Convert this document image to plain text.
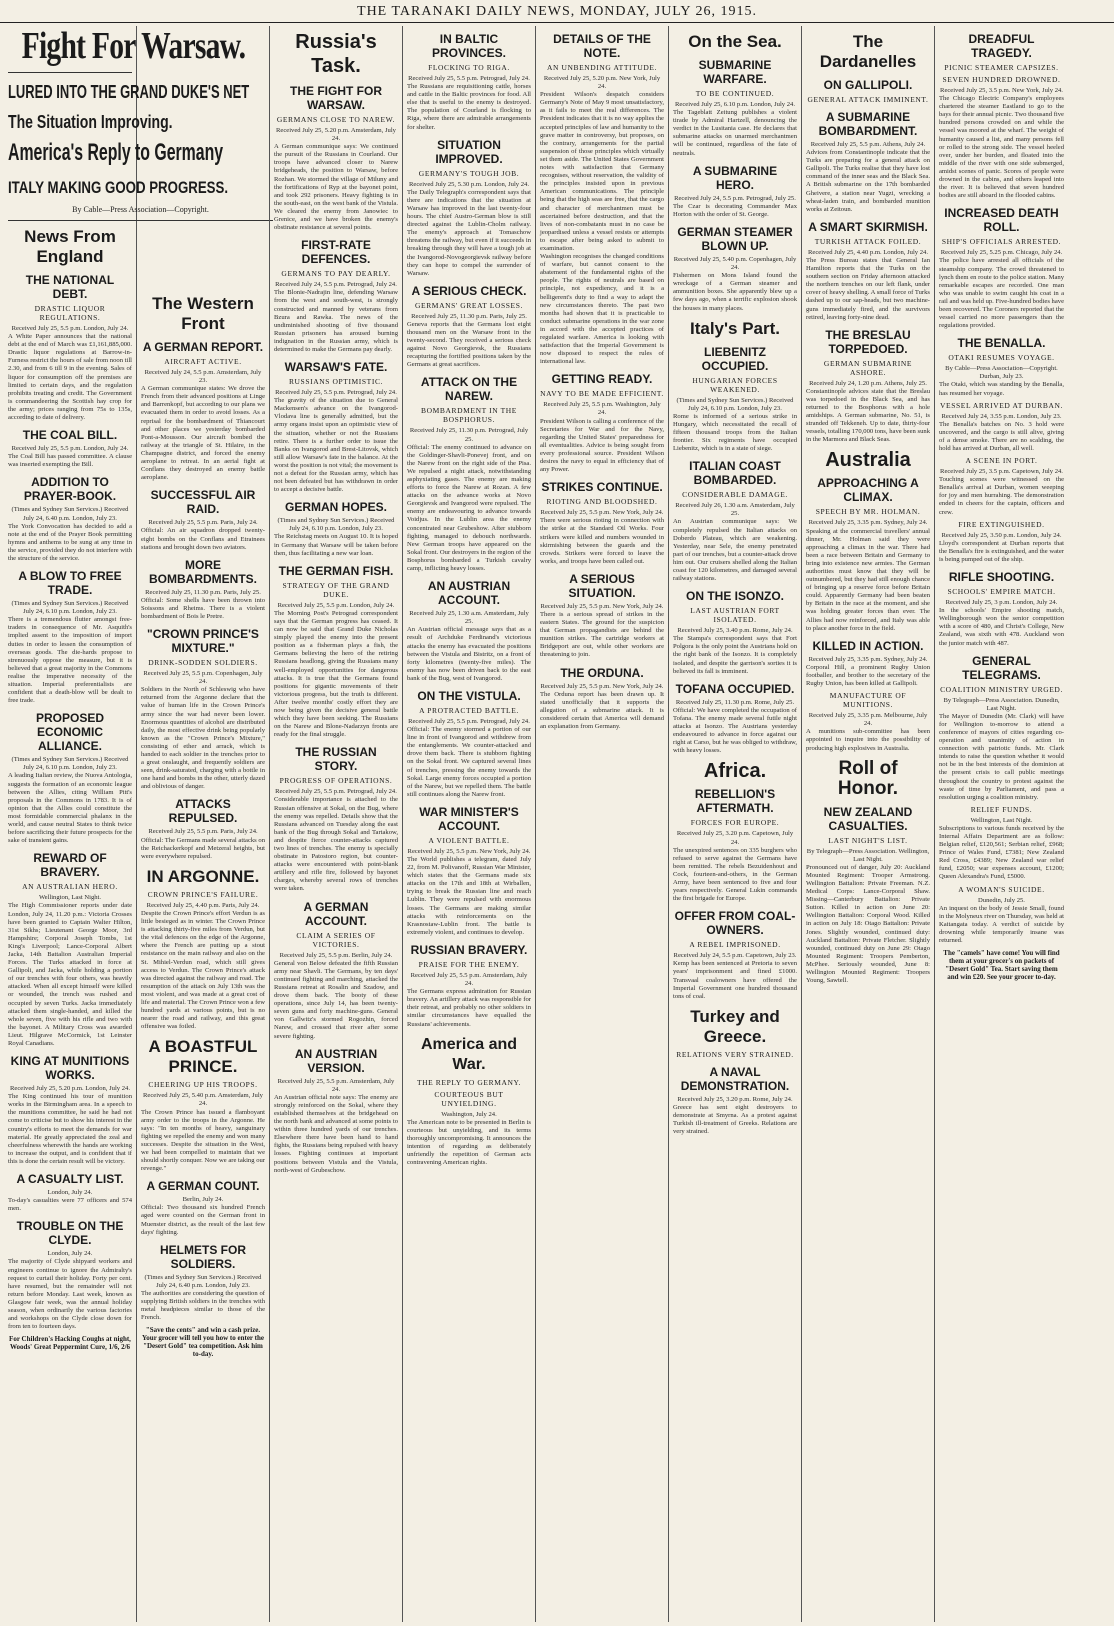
THE TARANAKI DAILY NEWS, MONDAY, JULY 26, 1915.
Fight For Warsaw.
LURED INTO THE GRAND DUKE'S NET
The Situation Improving.
America's Reply to Germany
ITALY MAKING GOOD PROGRESS.
By Cable—Press Association—Copyright.
News From England
THE NATIONAL DEBT.
DRASTIC LIQUOR REGULATIONS.
Received July 25, 5.5 p.m. London, July 24.
A White Paper announces that the national debt at the end of March was £1,161,885,000. Drastic liquor regulations at Barrow-in-Furness restrict the hours of sale from noon till 2.30, and from 6 till 9 in the evening. Sales of liquor for consumption off the premises are limited to certain days, and the regulation prohibits treating and credit. The Government is commandeering the Scottish hay crop for the army; prices ranging from 75s to 135s, according to date of delivery.
THE COAL BILL.
Received July 25, 5.5 p.m. London, July 24.
The Coal Bill has passed committee. A clause was inserted exempting the Bill.
ADDITION TO PRAYER-BOOK.
(Times and Sydney Sun Services.) Received July 24, 6.40 p.m. London, July 23.
The York Convocation has decided to add a note at the end of the Prayer Book permitting hymns and anthems to be sung at any time in the service, provided they do not interfere with the structure of the service.
A BLOW TO FREE TRADE.
(Times and Sydney Sun Services.) Received July 24, 6.10 p.m. London, July 23.
There is a tremendous flutter amongst free-traders in consequence of Mr. Asquith's implied assent to the imposition of import duties in order to lessen the consumption of overseas goods. The die-hards propose to strenuously oppose the measure, but it is believed that a great majority in the Commons realise the imperative necessity of the situation. Imperial preferentialists are confident that a death-blow will be dealt to free trade.
PROPOSED ECONOMIC ALLIANCE.
(Times and Sydney Sun Services.) Received July 24, 6.10 p.m. London, July 23.
A leading Italian review, the Nuova Antologia, suggests the formation of an economic league between the Allies, citing William Pitt's proposals in the Commons in 1783. It is of opinion that the Allies could constitute the most formidable commercial phalanx in the world, and cause neutral States to think twice before sacrificing their future prospects for the sake of transient gains.
REWARD OF BRAVERY.
AN AUSTRALIAN HERO.
Wellington, Last Night.
The High Commissioner reports under date London, July 24, 11.20 p.m.: Victoria Crosses have been granted to Captain Walter Hilton, 31st Sikhs; Lieutenant George Moor, 3rd Hampshire; Corporal Joseph Tombs, 1st King's Liverpool; Lance-Corporal Albert Jacka, 14th Battalion Australian Imperial Forces. The Turks attacked in force at Gallipoli, and Jacka, while holding a portion of our trenches with four others, was heavily attacked. When all except himself were killed or wounded, the trench was rushed and occupied by seven Turks. Jacka immediately attacked them single-handed, and killed the whole seven, five with his rifle and two with the bayonet. A Military Cross was awarded Lieut. Hilgrave McCormick, 1st Leinster Royal Canadians.
KING AT MUNITIONS WORKS.
Received July 25, 5.20 p.m. London, July 24.
The King continued his tour of munition works in the Birmingham area. In a speech to the munitions committee, he said he had not come to criticise but to show his interest in the country's efforts to meet the demands for war material. He greatly appreciated the zeal and cheerfulness wherewith the hands are working to increase the output, and is confident that if this is done the certain result will be victory.
A CASUALTY LIST.
London, July 24.
To-day's casualties were 77 officers and 574 men.
TROUBLE ON THE CLYDE.
London, July 24.
The majority of Clyde shipyard workers and engineers continue to ignore the Admiralty's request to curtail their holiday. Forty per cent. have resumed, but the remainder will not return before Monday. Last week, known as Glasgow fair week, was the annual holiday season, when ordinarily the various factories and workshops on the Clyde close down for from ten to fourteen days.
For Children's Hacking Coughs at night, Woods' Great Peppermint Cure, 1/6, 2/6
The Western Front
A GERMAN REPORT.
AIRCRAFT ACTIVE.
Received July 24, 5.5 p.m. Amsterdam, July 23.
A German communique states: We drove the French from their advanced positions at Linge and Barrenkopf, but according to our plans we evacuated them in order to avoid losses. As a reprisal for the bombardment of Thiancourt and other places we yesterday bombarded Pont-a-Mousson. Our aircraft bombed the railway at the triangle of St. Hilaire, in the Champagne district, and forced the enemy aeroplane to retreat. In an aerial fight at Conflans they destroyed an enemy battle aeroplane.
SUCCESSFUL AIR RAID.
Received July 25, 5.5 p.m. Paris, July 24.
Official: An air squadron dropped twenty-eight bombs on the Conflans and Etrainees stations and brought down two aviators.
MORE BOMBARDMENTS.
Received July 25, 11.30 p.m. Paris, July 25.
Official: Some shells have been thrown into Soissons and Rheims. There is a violent bombardment of Bois le Pretre.
"CROWN PRINCE'S MIXTURE."
DRINK-SODDEN SOLDIERS.
Received July 25, 5.5 p.m. Copenhagen, July 24.
Soldiers in the North of Schleswig who have returned from the Argonne declare that the value of human life in the Crown Prince's army since the war had never been lower. Enormous quantities of alcohol are distributed daily, the most effective drink being popularly known as the "Crown Prince's Mixture," consisting of ether and arrack, which is handed to each soldier in the trenches prior to a great onslaught, and frequently soldiers are seen, drink-saturated, charging with a bottle in one hand and bombs in the other, utterly dazed and oblivious of danger.
ATTACKS REPULSED.
Received July 25, 5.5 p.m. Paris, July 24.
Official: The Germans made several attacks on the Reichackerkopf and Metzeral heights, but were everywhere repulsed.
IN ARGONNE.
CROWN PRINCE'S FAILURE.
Received July 25, 4.40 p.m. Paris, July 24.
Despite the Crown Prince's effort Verdun is as little besieged as in winter. The Crown Prince is attacking thirty-five miles from Verdun, but the vital defences on the edge of the Argonne, where the French are putting up a stout resistance on the main railway and also on the St. Mihiel-Verdun road, which still gives access to Verdun. The Crown Prince's attack was directed against the railway and road. The resumption of the attack on July 13th was the most violent, and was made at a great cost of life and material. The Crown Prince won a few hundred yards at various points, but is no nearer the road and railway, and this great offensive was foiled.
A BOASTFUL PRINCE.
CHEERING UP HIS TROOPS.
Received July 25, 5.40 p.m. Amsterdam, July 24.
The Crown Prince has issued a flamboyant army order to the troops in the Argonne. He says: "In ten months of heavy, sanguinary fighting we repelled the enemy and won many successes. Despite the situation in the West, we had been compelled to maintain that we should shortly conquer. Now we are taking our revenge."
A GERMAN COUNT.
Berlin, July 24.
Official: Two thousand six hundred French aged were counted on the German front in Muenster district, as the result of the last few days' fighting.
HELMETS FOR SOLDIERS.
(Times and Sydney Sun Services.) Received July 24, 6.40 p.m. London, July 23.
The authorities are considering the question of supplying British soldiers in the trenches with metal headpieces similar to those of the French.
"Save the cents" and win a cash prize. Your grocer will tell you how to enter the "Desert Gold" tea competition. Ask him to-day.
Russia's Task.
THE FIGHT FOR WARSAW.
GERMANS CLOSE TO NAREW.
Received July 25, 5.20 p.m. Amsterdam, July 24.
A German communique says: We continued the pursuit of the Russians in Courland. Our troops have advanced closer to Narew bridgeheads, the position to Warsaw, before Rozhan. We stormed the village of Miluny and the fortifications of Ryp at the bayonet point, and took 292 prisoners. Heavy fighting is in the south-east, on the west bank of the Vistula. We cleared the enemy from Janowiec to Grenice, and we have broken the enemy's obstinate resistance at several points.
FIRST-RATE DEFENCES.
GERMANS TO PAY DEARLY.
Received July 24, 5.5 p.m. Petrograd, July 24.
The Blonie-Nadrajin line, defending Warsaw from the west and south-west, is strongly constructed and manned by veterans from Bzura and Rawka. The news of the undiminished shooting of five thousand Russian prisoners has aroused burning indignation in the Russian army, which is determined to make the Germans pay dearly.
WARSAW'S FATE.
RUSSIANS OPTIMISTIC.
Received July 25, 5.5 p.m. Petrograd, July 24.
The gravity of the situation due to General Mackensen's advance on the Ivangorod-Vlodava line is generally admitted, but the army organs insist upon an optimistic view of the situation, whether or not the Russians retire. There is a further order to issue the Banks on Ivangorod and Brest-Litovsk, which still allow Warsaw's fate in the balance. At the worst the position is not vital; the movement is not a defeat for the Russian army, which has not been defeated but has withdrawn in order to accept a decisive battle.
GERMAN HOPES.
(Times and Sydney Sun Services.) Received July 24, 6.10 p.m. London, July 23.
The Reichstag meets on August 10. It is hoped in Germany that Warsaw will be taken before then, thus facilitating a new war loan.
THE GERMAN FISH.
STRATEGY OF THE GRAND DUKE.
Received July 25, 5.5 p.m. London, July 24.
The Morning Post's Petrograd correspondent says that the German progress has ceased. It can now be said that Grand Duke Nicholas simply played the enemy into the present position as a fisherman plays a fish, the Germans believing the hero of the retiring Russians headlong, giving the Russians many well-employed opportunities for dangerous attacks. It is true that the Germans found positions for gigantic movements of their victorious progress, but the truth is different. After twelve months' costly effort they are now being given the decisive general battle which they have been seeking. The Russians on the Narew and Blone-Nadarzyn fronts are ready for the final struggle.
THE RUSSIAN STORY.
PROGRESS OF OPERATIONS.
Received July 25, 5.5 p.m. Petrograd, July 24.
Considerable importance is attached to the Russian offensive at Sokal, on the Bug, where the enemy was repelled. Details show that the Russians advanced on Tuesday along the east bank of the Bug through Sokal and Tartakow, and despite fierce counter-attacks captured two lines of trenches. The enemy is specially obstinate in Patostoro region, but counter-attacks were encountered with point-blank artillery and rifle fire, followed by bayonet charges, whereby several rows of trenches were taken.
A GERMAN ACCOUNT.
CLAIM A SERIES OF VICTORIES.
Received July 25, 5.5 p.m. Berlin, July 24.
General von Below defeated the fifth Russian army near Shavli. The Germans, by ten days' continued fighting and marching, attacked the Russians retreat at Rosalin and Szadow, and drove them back. The booty of these operations, since July 14, has been twenty-seven guns and forty machine-guns. General von Gallwitz's stormed Rogozhin, forced Narew, and crossed that river after some severe fighting.
AN AUSTRIAN VERSION.
Received July 25, 5.5 p.m. Amsterdam, July 24.
An Austrian official note says: The enemy are strongly reinforced on the Sokal, where they established themselves at the bridgehead on the north bank and advanced at some points to within three hundred yards of our trenches. Elsewhere there have been hand to hand fights, the Russians being repulsed with heavy losses. Fighting continues at important positions between Vistula and the Vistula, north-west of Grubeschow.
IN BALTIC PROVINCES.
FLOCKING TO RIGA.
Received July 25, 5.5 p.m. Petrograd, July 24.
The Russians are requisitioning cattle, horses and cattle in the Baltic provinces for food. All else that is useful to the enemy is destroyed. The population of Courland is flocking to Riga, where there are admirable arrangements for shelter.
SITUATION IMPROVED.
GERMANY'S TOUGH JOB.
Received July 25, 5.30 p.m. London, July 24.
The Daily Telegraph's correspondent says that there are indications that the situation at Warsaw has improved in the last twenty-four hours. The chief Austro-German blow is still directed against the Lublin-Cholm railway. The enemy's approach at Tomaschow threatens the railway, but even if it succeeds in breaking through they will have a tough job at the Ivangorod-Novogeorgievsk railway before they can hope to compel the surrender of Warsaw.
A SERIOUS CHECK.
GERMANS' GREAT LOSSES.
Received July 25, 11.30 p.m. Paris, July 25.
Geneva reports that the Germans lost eight thousand men on the Warsaw front in the twenty-second. They received a serious check against Novo Georgievsk, the Russians recapturing the fortified positions taken by the Germans at great sacrifices.
ATTACK ON THE NAREW.
BOMBARDMENT IN THE BOSPHORUS.
Received July 25, 11.30 p.m. Petrograd, July 25.
Official: The enemy continued to advance on the Goldinger-Shavli-Ponevej front, and on the Narew front on the right side of the Pisa. We repulsed a night attack, notwithstanding asphyxiating gases. The enemy are making efforts to force the Narew at Rozan. A few attacks on the advance works at Novo Georgievsk and Ivangorod were repulsed. The enemy are endeavouring to advance towards Voidjus. In the Lublin area the enemy concentrated near Grubeshow. After stubborn fighting, managed to debouch northwards. New German troops have appeared on the Sokal front. Our destroyers in the region of the Bosphorus bombarded a Turkish cavalry camp, inflicting heavy losses.
AN AUSTRIAN ACCOUNT.
Received July 25, 1.30 a.m. Amsterdam, July 25.
An Austrian official message says that as a result of Archduke Ferdinand's victorious attacks the enemy has evacuated the positions between the Vistula and Bistritz, on a front of forty kilometres (twenty-five miles). The enemy has now been driven back to the east bank of the Bug, west of Ivangorod.
ON THE VISTULA.
A PROTRACTED BATTLE.
Received July 25, 5.5 p.m. Petrograd, July 24.
Official: The enemy stormed a portion of our line in front of Ivangorod and withdrew from the entanglements. We counter-attacked and drove them back. There is stubborn fighting on the Sokal front. We captured several lines of trenches, pressing the enemy towards the Sokal. Large enemy forces occupied a portion of the Narew, but we repelled them. The battle still continues along the Narew front.
WAR MINISTER'S ACCOUNT.
A VIOLENT BATTLE.
Received July 25, 5.5 p.m. New York, July 24.
The World publishes a telegram, dated July 22, from M. Polivanoff, Russian War Minister, which states that the Germans made six attacks on the 17th and 18th at Wirballen, trying to break the Russian line and reach Lublin. They were repulsed with enormous losses. The Germans are making similar attacks with reinforcements on the Krasnostaw-Lublin front. The battle is extremely violent, and continues to develop.
RUSSIAN BRAVERY.
PRAISE FOR THE ENEMY.
Received July 25, 5.5 p.m. Amsterdam, July 24.
The Germans express admiration for Russian bravery. An artillery attack was responsible for their retreat, and probably no other soldiers in similar circumstances have equalled the Russians' achievements.
America and War.
THE REPLY TO GERMANY.
COURTEOUS BUT UNYIELDING.
Washington, July 24.
The American note to be presented in Berlin is courteous but unyielding, and its terms thoroughly uncompromising. It announces the intention of regarding as deliberately unfriendly the repetition of German acts contravening American rights.
DETAILS OF THE NOTE.
AN UNBENDING ATTITUDE.
Received July 25, 5.20 p.m. New York, July 24.
President Wilson's despatch considers Germany's Note of May 9 most unsatisfactory, as it fails to meet the real differences. The President indicates that it is no way applies the accepted principles of law and humanity to the grave matter in controversy, but proposes, on the contrary, arrangements for the partial suspension of those principles which virtually set them aside. The United States Government notes with satisfaction that Germany recognises, without reservation, the validity of the principles insisted upon in previous American communications. The principle being that the high seas are free, that the cargo and character of merchantmen must be ascertained before destruction, and that the lives of non-combatants must in no case be jeopardised unless a vessel resists or attempts to escape after being asked to submit to examination.
Washington recognises the changed conditions of warfare, but cannot consent to the abatement of the fundamental rights of the people. The rights of neutrals are based on principle, not expediency, and it is a belligerent's duty to find a way to adapt the new circumstances thereto. The past two months had shown that it is practicable to conduct submarine operations in the war zone in accord with the accepted practices of regulated warfare. America is looking with satisfaction that the Imperial Government is now disposed to respect the rules of international law.
GETTING READY.
NAVY TO BE MADE EFFICIENT.
Received July 25, 5.5 p.m. Washington, July 24.
President Wilson is calling a conference of the Secretaries for War and for the Navy, regarding the United States' preparedness for all eventualities. Advice is being sought from every professional source. President Wilson desires the navy to equal in efficiency that of any Power.
STRIKES CONTINUE.
RIOTING AND BLOODSHED.
Received July 25, 5.5 p.m. New York, July 24.
There were serious rioting in connection with the strike at the Standard Oil Works. Four strikers were killed and numbers wounded in skirmishing between the guards and the crowds. Strikers were forced to leave the works, and troops have been called out.
A SERIOUS SITUATION.
Received July 25, 5.5 p.m. New York, July 24.
There is a serious spread of strikes in the eastern States. The ground for the suspicion that German propagandists are behind the munition strikes. The cartridge workers at Bridgeport are out, while other workers are threatening to join.
THE ORDUNA.
Received July 25, 5.5 p.m. New York, July 24.
The Orduna report has been drawn up. It stated unofficially that it supports the allegation of a submarine attack. It is considered certain that America will demand an explanation from Germany.
On the Sea.
SUBMARINE WARFARE.
TO BE CONTINUED.
Received July 25, 6.10 p.m. London, July 24.
The Tageblatt Zeitung publishes a violent tirade by Admiral Hartzell, denouncing the verdict in the Lusitania case. He declares that submarine attacks on unarmed merchantmen will be continued, regardless of the fate of neutrals.
A SUBMARINE HERO.
Received July 24, 5.5 p.m. Petrograd, July 25.
The Czar is decorating Commander Max Horton with the order of St. George.
GERMAN STEAMER BLOWN UP.
Received July 25, 5.40 p.m. Copenhagen, July 24.
Fishermen on Mons Island found the wreckage of a German steamer and ammunition boxes. She apparently blew up a few days ago, when a terrific explosion shook the houses in many places.
Italy's Part.
LIEBENITZ OCCUPIED.
HUNGARIAN FORCES WEAKENED.
(Times and Sydney Sun Services.) Received July 24, 6.10 p.m. London, July 23.
Rome is informed of a serious strike in Hungary, which necessitated the recall of fifteen thousand troops from the Italian frontier. Six regiments have occupied Liebenitz, which is in a state of siege.
ITALIAN COAST BOMBARDED.
CONSIDERABLE DAMAGE.
Received July 26, 1.30 a.m. Amsterdam, July 25.
An Austrian communique says: We completely repulsed the Italian attacks on Doberdo Plateau, which are weakening. Yesterday, near Sele, the enemy penetrated part of our trenches, but a counter-attack drove him out. Our cruisers shelled along the Italian coast for 120 kilometres, and damaged several railway stations.
ON THE ISONZO.
LAST AUSTRIAN FORT ISOLATED.
Received July 25, 3.40 p.m. Rome, July 24.
The Stampa's correspondent says that Fort Polgora is the only point the Austrians hold on the right bank of the Isonzo. It is completely isolated, and despite the garrison's sorties it is believed its fall is imminent.
TOFANA OCCUPIED.
Received July 25, 11.30 p.m. Rome, July 25.
Official: We have completed the occupation of Tofana. The enemy made several futile night attacks at Isonzo. The Austrians yesterday endeavoured to advance in force against our right at Carso, but he was obliged to withdraw, with heavy losses.
Africa.
REBELLION'S AFTERMATH.
FORCES FOR EUROPE.
Received July 25, 3.20 p.m. Capetown, July 24.
The unexpired sentences on 335 burghers who refused to serve against the Germans have been remitted. The rebels Bezuidenhout and Cock, fourteen-and-others, in the German Army, have been sentenced to five and four years respectively. General Lukin commands the first brigade for Europe.
OFFER FROM COAL-OWNERS.
A REBEL IMPRISONED.
Received July 24, 5.5 p.m. Capetown, July 23.
Kemp has been sentenced at Pretoria to seven years' imprisonment and fined £1000. Transvaal coalowners have offered the Imperial Government one hundred thousand tons of coal.
Turkey and Greece.
RELATIONS VERY STRAINED.
A NAVAL DEMONSTRATION.
Received July 25, 3.20 p.m. Rome, July 24.
Greece has sent eight destroyers to demonstrate at Smyrna. As a protest against Turkish ill-treatment of Greeks. Relations are very strained.
The Dardanelles
ON GALLIPOLI.
GENERAL ATTACK IMMINENT.
A SUBMARINE BOMBARDMENT.
Received July 25, 5.5 p.m. Athens, July 24.
Advices from Constantinople indicate that the Turks are preparing for a general attack on Gallipoli. The Turks realise that they have lost command of the inner seas and the Black Sea. A British submarine on the 17th bombarded Gheivere, a station near Yugzi, wrecking a wheat-laden train, and bombarded munition works at Zeitoun.
A SMART SKIRMISH.
TURKISH ATTACK FOILED.
Received July 25, 4.40 p.m. London, July 24.
The Press Bureau states that General Ian Hamilton reports that the Turks on the southern section on Friday afternoon attacked the northern trenches on our left flank, under cover of heavy shelling. A small force of Turks dashed up to our sap-heads, but two machine-guns immediately fired, and the survivors retired, leaving forty-nine dead.
THE BRESLAU TORPEDOED.
GERMAN SUBMARINE ASHORE.
Received July 24, 1.20 p.m. Athens, July 25.
Constantinople advices state that the Breslau was torpedoed in the Black Sea, and has returned to the Bosphorus with a hole amidships. A German submarine, No. 51, is stranded off Tekkeneh. Up to date, thirty-four vessels, totalling 170,000 tons, have been sunk in the Marmora and Black Seas.
Australia
APPROACHING A CLIMAX.
SPEECH BY MR. HOLMAN.
Received July 25, 3.35 p.m. Sydney, July 24.
Speaking at the commercial travellers' annual dinner, Mr. Holman said they were approaching a climax in the war. There had been a race between Britain and Germany to bring into existence new armies. The German authorities must know that they will be outnumbered, but they had still enough chance of bringing up a reserve force before Britain could. Apparently Germany had been beaten by Britain in the race at the moment, and she was holding greater forces than ever. The Allies had now reinforced, and Italy was able to place another force in the field.
KILLED IN ACTION.
Received July 25, 3.35 p.m. Sydney, July 24.
Corporal Hill, a prominent Rugby Union footballer, and brother to the secretary of the Rugby Union, has been killed at Gallipoli.
MANUFACTURE OF MUNITIONS.
Received July 25, 3.35 p.m. Melbourne, July 24.
A munitions sub-committee has been appointed to inquire into the possibility of producing high explosives in Australia.
Roll of Honor.
NEW ZEALAND CASUALTIES.
LAST NIGHT'S LIST.
By Telegraph—Press Association. Wellington, Last Night.
Pronounced out of danger, July 20: Auckland Mounted Regiment: Trooper Armstrong. Wellington Battalion: Private Freeman. N.Z. Medical Corps: Lance-Corporal Shaw. Missing—Canterbury Battalion: Private Sutton. Killed in action on June 20: Wellington Battalion: Corporal Wood. Killed in action on July 18: Otago Battalion: Private Jones. Slightly wounded, continued duty: Auckland Battalion: Private Fletcher. Slightly wounded, continued duty on June 29: Otago Mounted Regiment: Troopers Pemberton, McPhee. Seriously wounded, June 8: Wellington Mounted Regiment: Troopers Young, Sawtell.
DREADFUL TRAGEDY.
PICNIC STEAMER CAPSIZES.
SEVEN HUNDRED DROWNED.
Received July 25, 3.5 p.m. New York, July 24.
The Chicago Electric Company's employees chartered the steamer Eastland to go to the bays for their annual picnic. Two thousand five hundred persons crowded on and while the vessel was moored at the wharf. The weight of humanity caused a list, and many persons fell or rolled to the strong side. The vessel heeled over, under her burden, and floated into the middle of the river with one side submerged, amidst scenes of panic. Scores of people were drowned in the cabins, and others leaped into the river. It is believed that seven hundred bodies are still aboard in the flooded cabins.
INCREASED DEATH ROLL.
SHIP'S OFFICIALS ARRESTED.
Received July 25, 5.25 p.m. Chicago, July 24.
The police have arrested all officials of the steamship company. The crowd threatened to lynch them en route to the police station. Many remarkable escapes are recorded. One man who was unable to swim caught his coat in a rail and was held up. Five-hundred bodies have been recovered. The Coroners reported that the vessel carried no more passengers than the regulations provided.
THE BENALLA.
OTAKI RESUMES VOYAGE.
By Cable—Press Association—Copyright. Durban, July 23.
The Otaki, which was standing by the Benalla, has resumed her voyage.
VESSEL ARRIVED AT DURBAN.
Received July 24, 3.55 p.m. London, July 23.
The Benalla's batches on No. 3 hold were uncovered, and the cargo is still alive, giving of a dense smoke. There are no scalding, the hold has arrived at Durban, all well.
A SCENE IN PORT.
Received July 25, 3.5 p.m. Capetown, July 24.
Touching scenes were witnessed on the Benalla's arrival at Durban, women weeping for joy and men hurrahing. The demonstration ended in cheers for the captain, officers and crew.
FIRE EXTINGUISHED.
Received July 25, 3.50 p.m. London, July 24.
Lloyd's correspondent at Durban reports that the Benalla's fire is extinguished, and the water is being pumped out of the ship.
RIFLE SHOOTING.
SCHOOLS' EMPIRE MATCH.
Received July 25, 3 p.m. London, July 24.
In the schools' Empire shooting match, Wellingborough won the senior competition with a score of 480, and Christ's College, New Zealand, was sixth with 478. Auckland won the junior match with 487.
GENERAL TELEGRAMS.
COALITION MINISTRY URGED.
By Telegraph—Press Association. Dunedin, Last Night.
The Mayor of Dunedin (Mr. Clark) will have for Wellington to-morrow to attend a conference of mayors of cities regarding co-operation and unanimity of action in connection with patriotic funds. Mr. Clark intends to raise the question whether it would not be in the best interests of the dominion at the present crisis to call public meetings throughout the country to protest against the waste of time by Parliament, and pass a resolution urging a coalition ministry.
RELIEF FUNDS.
Wellington, Last Night.
Subscriptions to various funds received by the Internal Affairs Department are as follow: Belgian relief, £120,561; Serbian relief, £968; Prince of Wales Fund, £7381; New Zealand Red Cross, £4389; New Zealand war relief fund, £2050; war expenses account, £1200; Queen Alexandra's Fund, £5000.
A WOMAN'S SUICIDE.
Dunedin, July 25.
An inquest on the body of Jessie Small, found in the Molyneux river on Thursday, was held at Kaitangata today. A verdict of suicide by drowning while temporarily insane was returned.
The "camels" have come! You will find them at your grocer's on packets of "Desert Gold" Tea. Start saving them and win £20. See your grocer to-day.
